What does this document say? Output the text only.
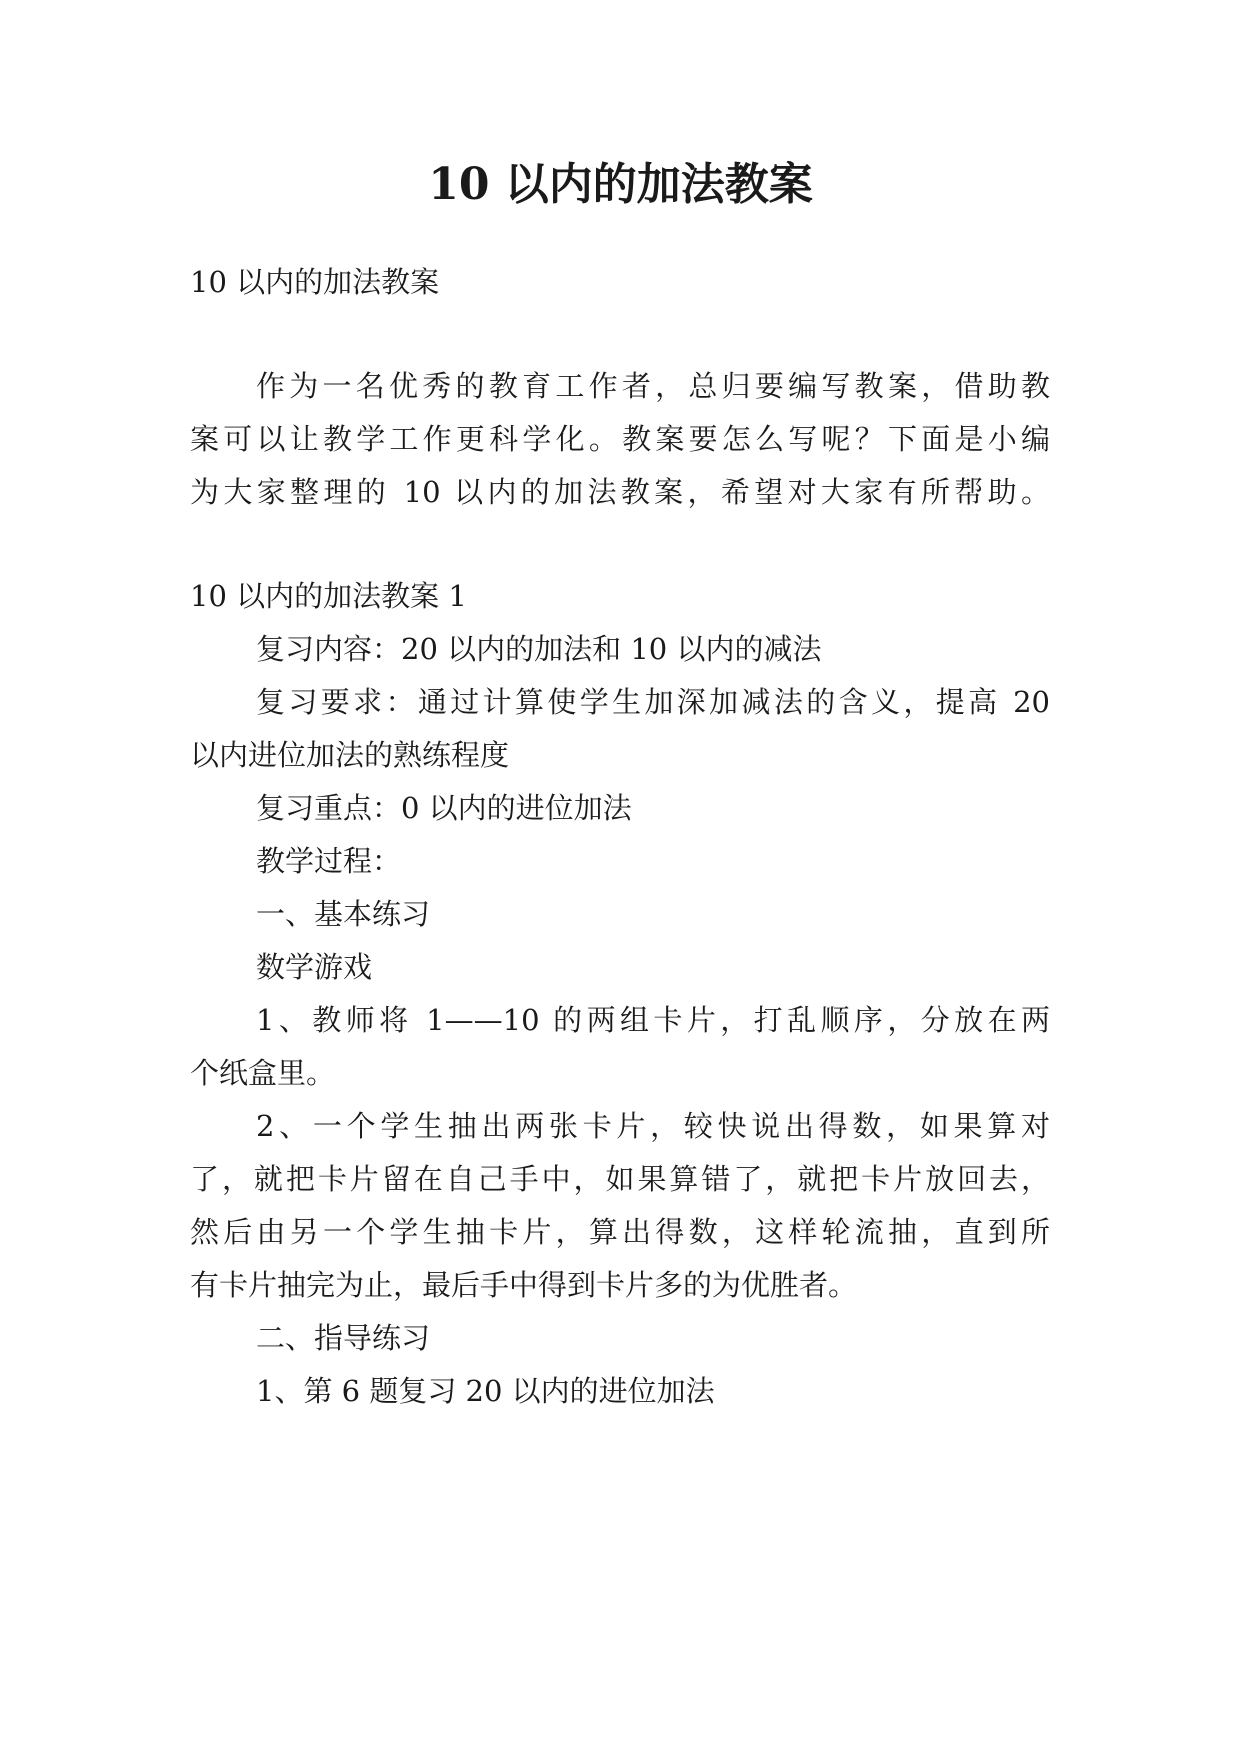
10 以内的加法教案

10 以内的加法教案

作为一名优秀的教育工作者，总归要编写教案，借助教

案可以让教学工作更科学化。教案要怎么写呢？下面是小编

为大家整理的 10 以内的加法教案，希望对大家有所帮助。

10 以内的加法教案 1

复习内容：20 以内的加法和 10 以内的减法

复习要求：通过计算使学生加深加减法的含义，提高 20

以内进位加法的熟练程度

复习重点：0 以内的进位加法

教学过程：

一、基本练习

数学游戏

1、教师将 1——10 的两组卡片，打乱顺序，分放在两

个纸盒里。

2、一个学生抽出两张卡片，较快说出得数，如果算对

了，就把卡片留在自己手中，如果算错了，就把卡片放回去，

然后由另一个学生抽卡片，算出得数，这样轮流抽，直到所

有卡片抽完为止，最后手中得到卡片多的为优胜者。

二、指导练习

1、第 6 题复习 20 以内的进位加法
